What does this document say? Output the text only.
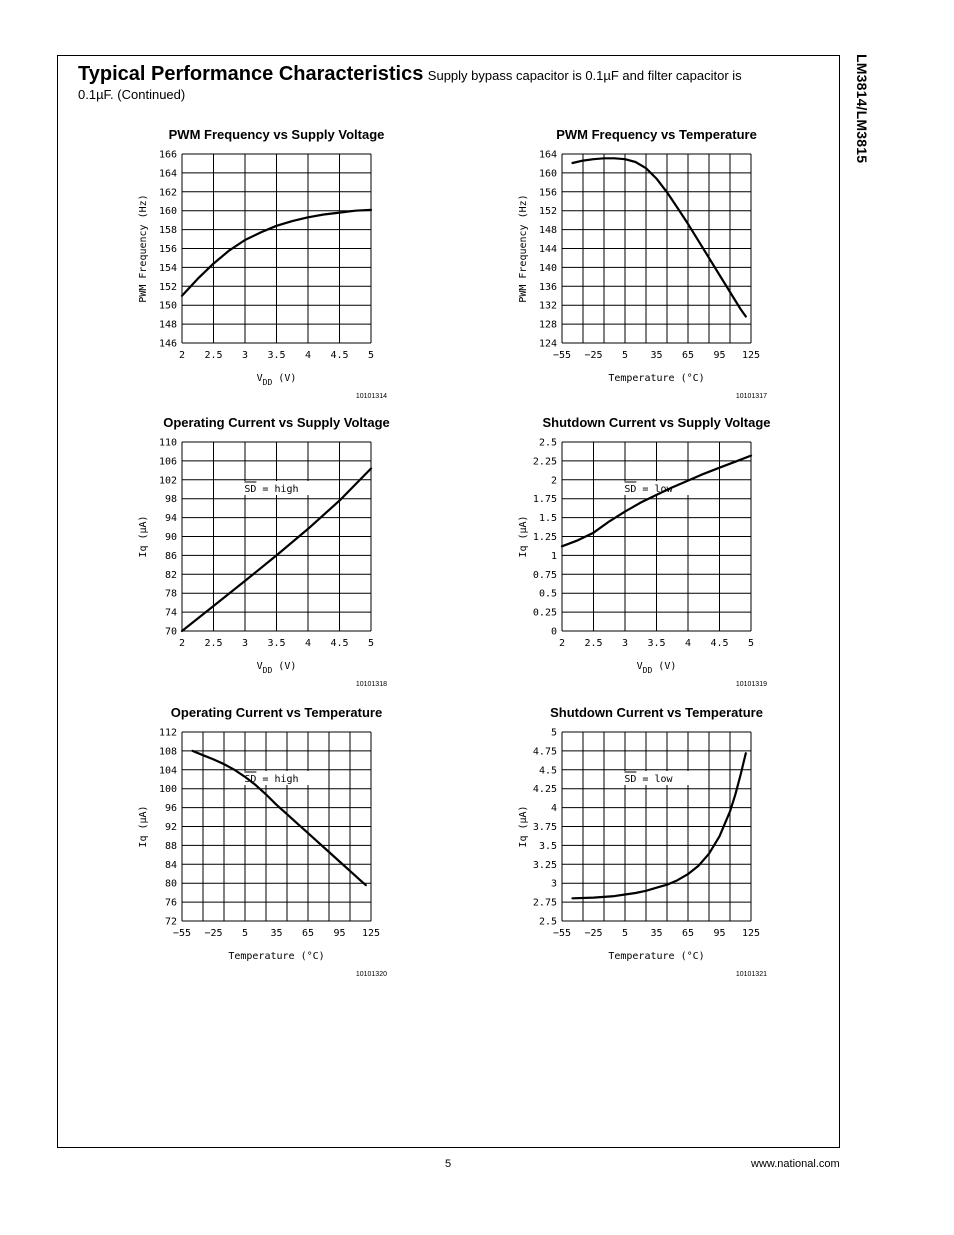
LM3814/LM3815
Typical Performance Characteristics Supply bypass capacitor is 0.1µF and filter capacitor is
0.1µF. (Continued)
PWM Frequency vs Supply Voltage
166
164
162
160
158
156
154
152
150
148
146
2 2.5 3 3.5 4 4.5 5
PWM Frequency (Hz)
$V_{DD}$ (V)
10101314
PWM Frequency vs Temperature
164
160
156
152
148
144
140
136
132
128
124
−55 −25 5 35 65 95 125
PWM Frequency (Hz)
Temperature (°C)
10101317
Operating Current vs Supply Voltage
110
106
102
98
94
90
86
82
78
74
70
2 2.5 3 3.5 4 4.5 5
Iq (µA)
$V_{DD}$ (V)
SD = high
10101318
Shutdown Current vs Supply Voltage
2.5
2.25
2
1.75
1.5
1.25
1
0.75
0.5
0.25
0
2 2.5 3 3.5 4 4.5 5
Iq (µA)
$V_{DD}$ (V)
SD = low
10101319
Operating Current vs Temperature
112
108
104
100
96
92
88
84
80
76
72
−55 −25 5 35 65 95 125
Iq (µA)
Temperature (°C)
SD = high
10101320
Shutdown Current vs Temperature
5
4.75
4.5
4.25
4
3.75
3.5
3.25
3
2.75
2.5
−55 −25 5 35 65 95 125
Iq (µA)
Temperature (°C)
SD = low
10101321
5	www.national.com
